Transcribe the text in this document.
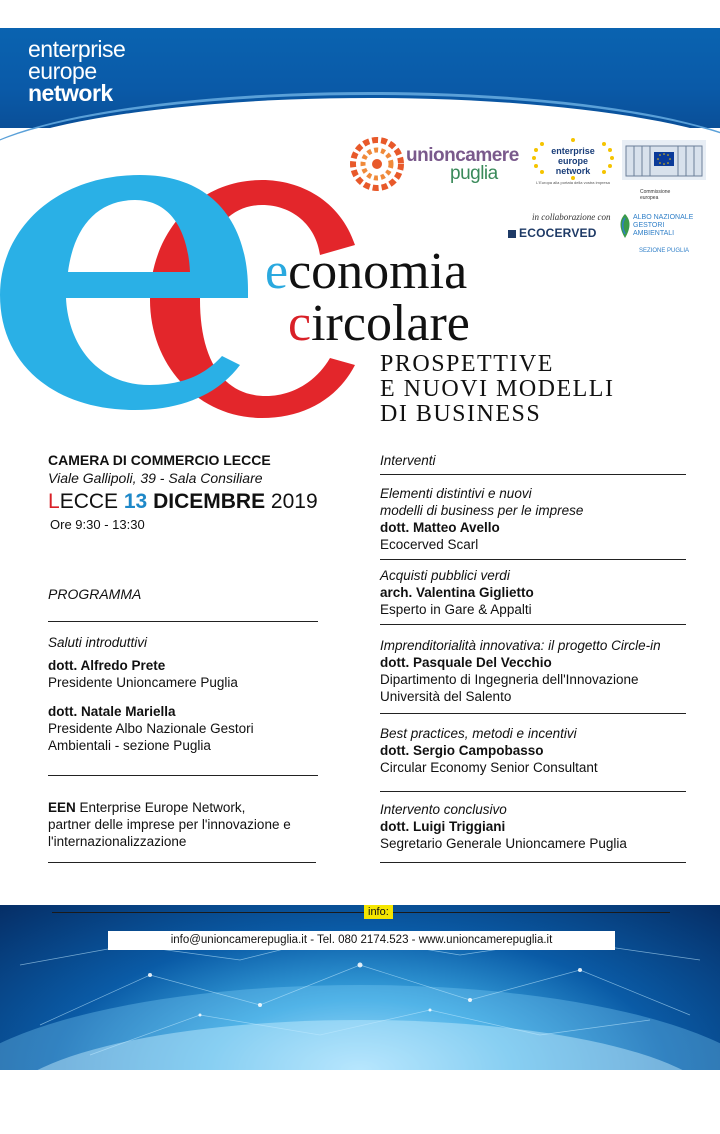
enterprise
europe
network
unioncamere
puglia
enterprise
europe
network
L'Europa alla portata della vostra impresa
Commissione europea
in collaborazione con
ECOCERVED
ALBO NAZIONALE
GESTORI AMBIENTALI
SEZIONE PUGLIA
economia
circolare
PROSPETTIVE
E NUOVI MODELLI
DI BUSINESS
CAMERA DI COMMERCIO LECCE
Viale Gallipoli, 39 - Sala Consiliare
LECCE 13 DICEMBRE 2019
Ore 9:30 - 13:30
PROGRAMMA
Saluti introduttivi
dott. Alfredo Prete
Presidente Unioncamere Puglia
dott. Natale Mariella
Presidente Albo Nazionale Gestori
Ambientali - sezione Puglia
EEN Enterprise Europe Network,
partner delle imprese per l'innovazione e
l'internazionalizzazione
Interventi
Elementi distintivi e nuovi
modelli di business per le imprese
dott. Matteo Avello
Ecocerved Scarl
Acquisti pubblici verdi
arch. Valentina Giglietto
Esperto in Gare & Appalti
Imprenditorialità innovativa: il progetto Circle-in
dott. Pasquale Del Vecchio
Dipartimento di Ingegneria dell'Innovazione
Università del Salento
Best practices, metodi e incentivi
dott. Sergio Campobasso
Circular Economy Senior Consultant
Intervento conclusivo
dott. Luigi Triggiani
Segretario Generale Unioncamere Puglia
info:
info@unioncamerepuglia.it - Tel. 080 2174.523 - www.unioncamerepuglia.it
